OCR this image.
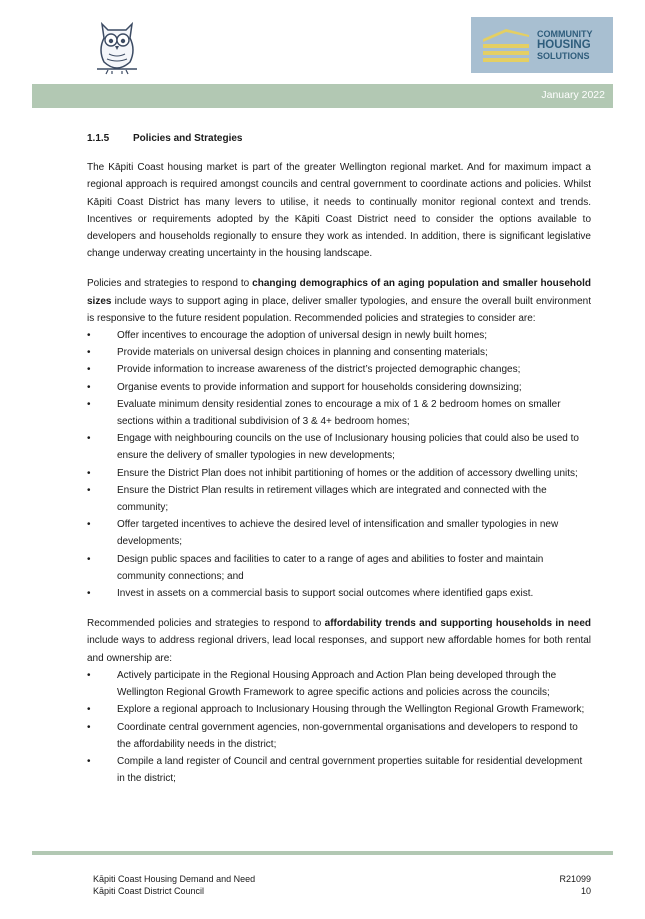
COMMUNITY
HOUSING
SOLUTIONS
January 2022
1.1.5	Policies and Strategies

The Kāpiti Coast housing market is part of the greater Wellington regional market. And for maximum impact a regional approach is required amongst councils and central government to coordinate actions and policies. Whilst Kāpiti Coast District has many levers to utilise, it needs to continually monitor regional context and trends. Incentives or requirements adopted by the Kāpiti Coast District need to consider the options available to developers and households regionally to ensure they work as intended. In addition, there is significant legislative change underway creating uncertainty in the housing landscape.

Policies and strategies to respond to changing demographics of an aging population and smaller household sizes include ways to support aging in place, deliver smaller typologies, and ensure the overall built environment is responsive to the future resident population. Recommended policies and strategies to consider are:

•	Offer incentives to encourage the adoption of universal design in newly built homes;
•	Provide materials on universal design choices in planning and consenting materials;
•	Provide information to increase awareness of the district’s projected demographic changes;
•	Organise events to provide information and support for households considering downsizing;
•	Evaluate minimum density residential zones to encourage a mix of 1 & 2 bedroom homes on smaller sections within a traditional subdivision of 3 & 4+ bedroom homes;
•	Engage with neighbouring councils on the use of Inclusionary housing policies that could also be used to ensure the delivery of smaller typologies in new developments;
•	Ensure the District Plan does not inhibit partitioning of homes or the addition of accessory dwelling units;
•	Ensure the District Plan results in retirement villages which are integrated and connected with the community;
•	Offer targeted incentives to achieve the desired level of intensification and smaller typologies in new developments;
•	Design public spaces and facilities to cater to a range of ages and abilities to foster and maintain community connections; and
•	Invest in assets on a commercial basis to support social outcomes where identified gaps exist.

Recommended policies and strategies to respond to affordability trends and supporting households in need include ways to address regional drivers, lead local responses, and support new affordable homes for both rental and ownership are:

•	Actively participate in the Regional Housing Approach and Action Plan being developed through the Wellington Regional Growth Framework to agree specific actions and policies across the councils;
•	Explore a regional approach to Inclusionary Housing through the Wellington Regional Growth Framework;
•	Coordinate central government agencies, non-governmental organisations and developers to respond to the affordability needs in the district;
•	Compile a land register of Council and central government properties suitable for residential development in the district;
Kāpiti Coast Housing Demand and Need
Kāpiti Coast District Council
R21099
10
